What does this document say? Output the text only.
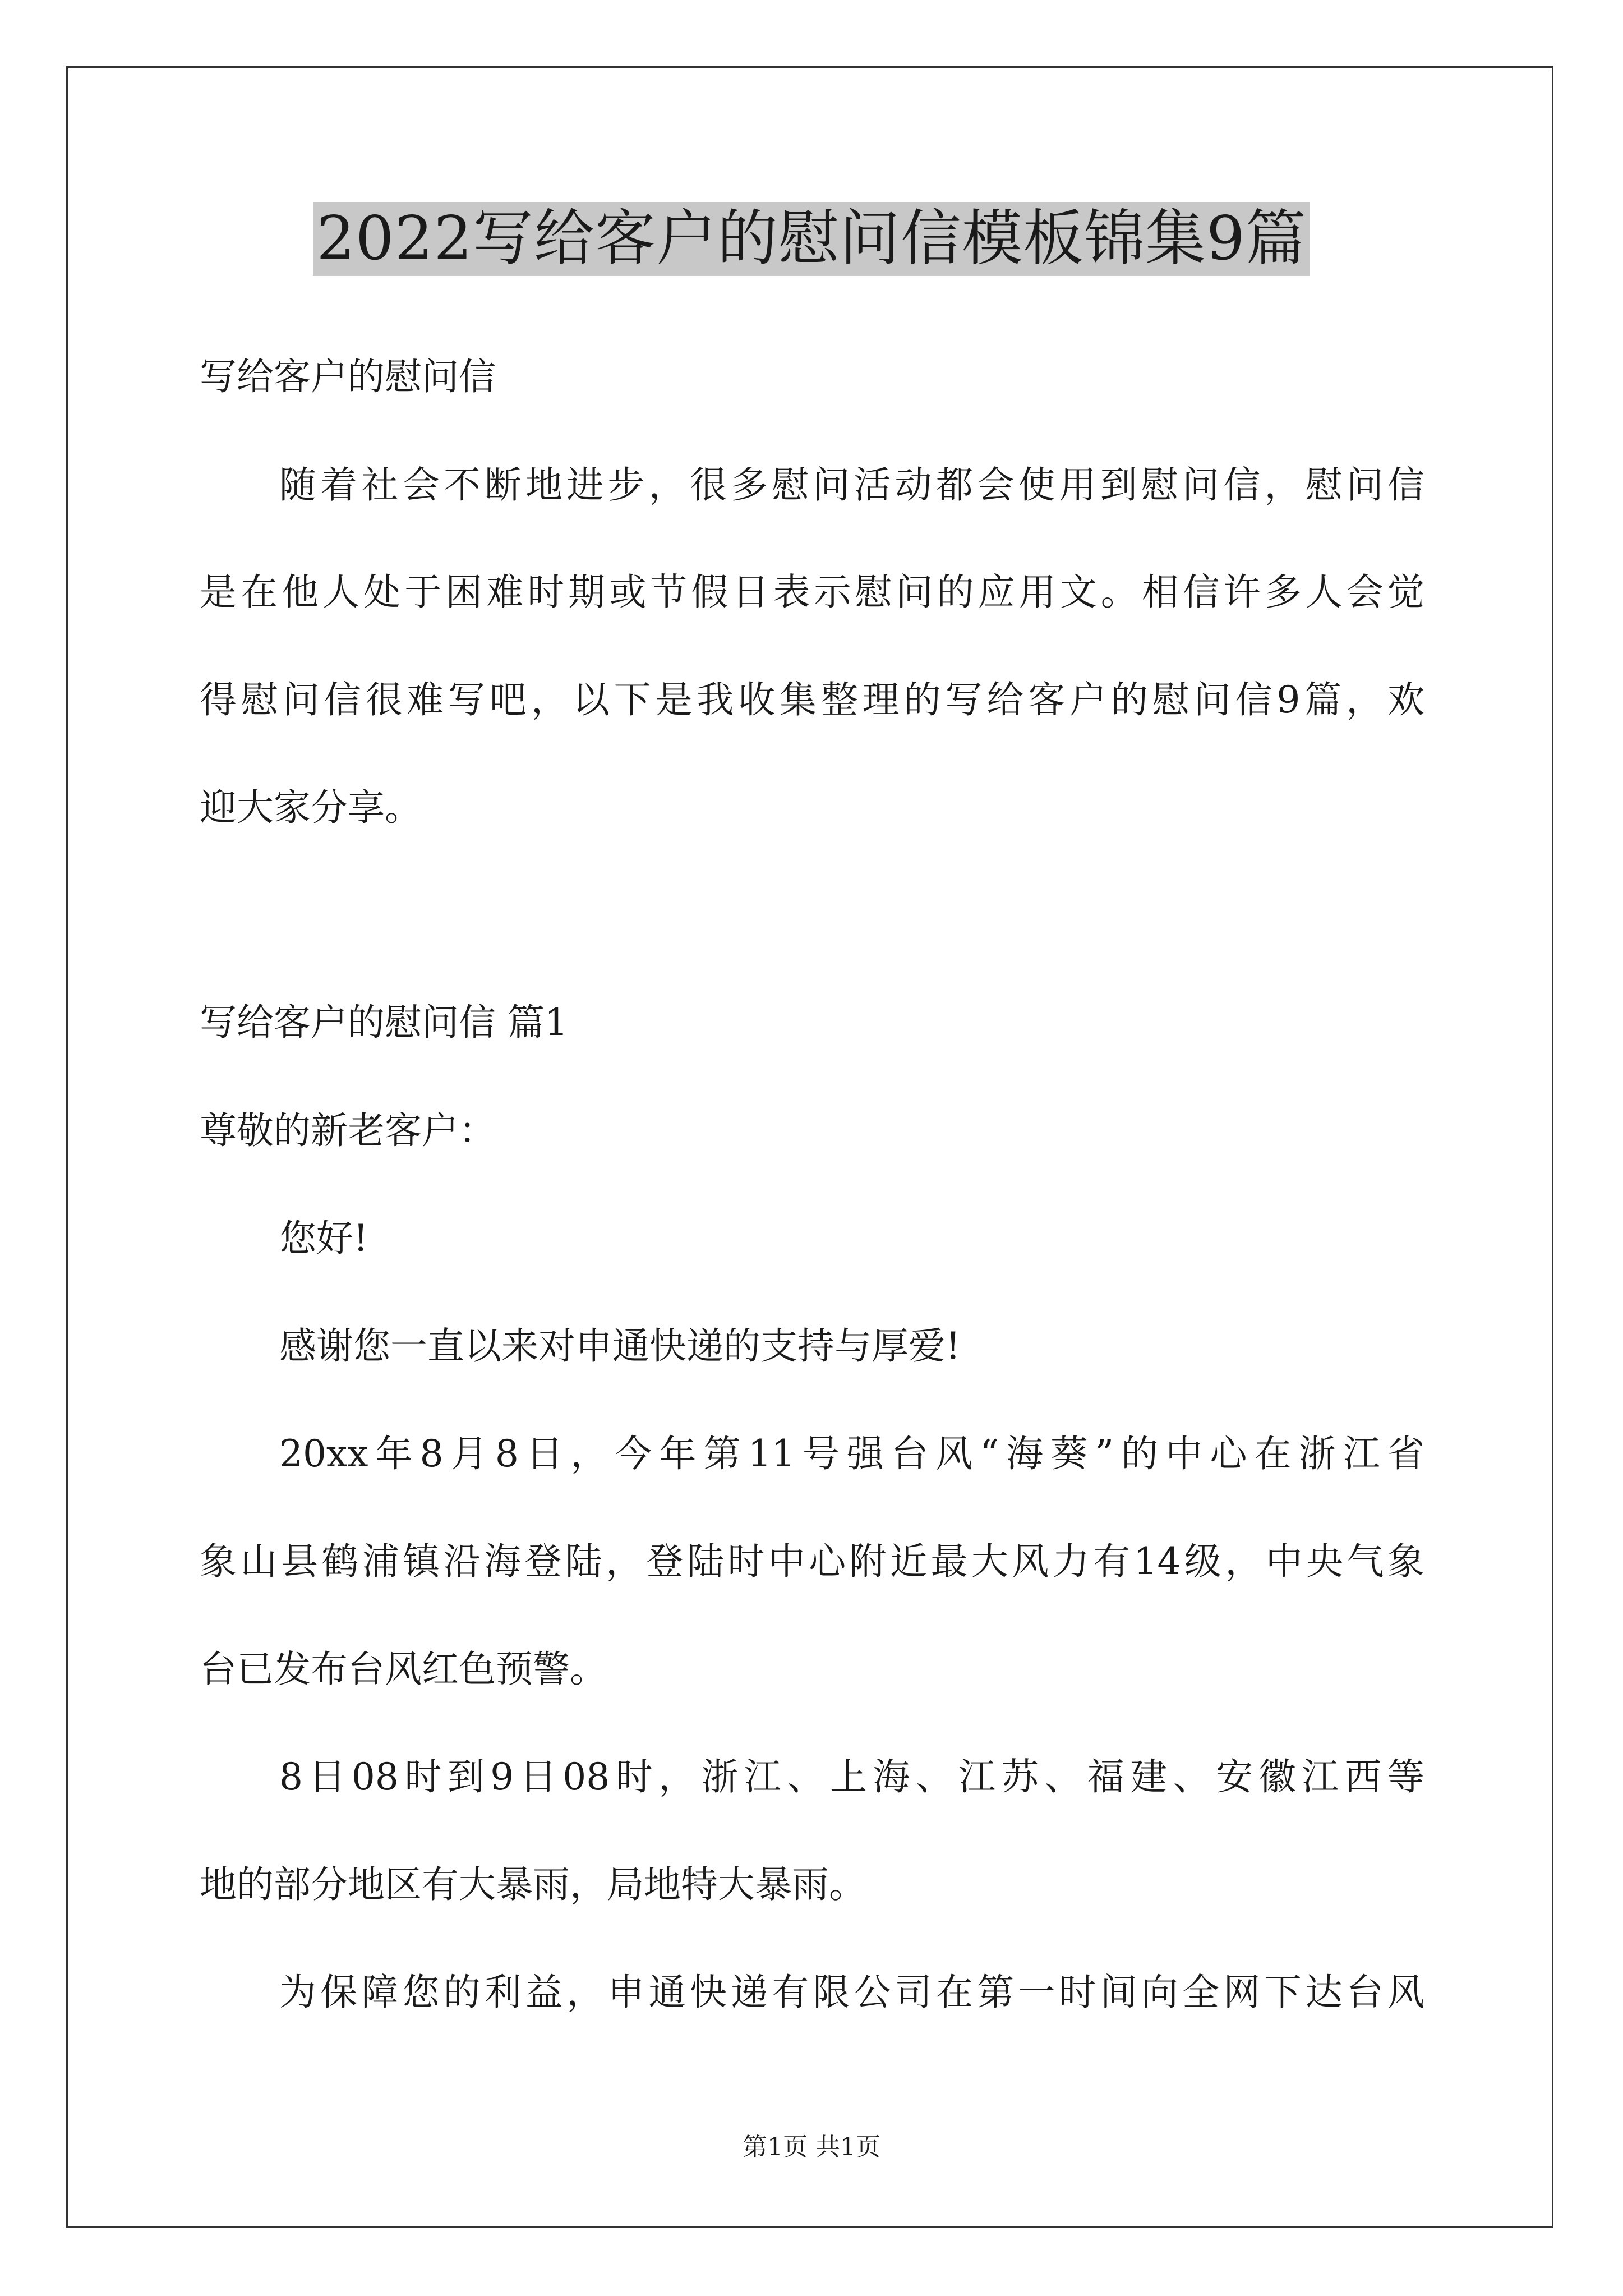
2022写给客户的慰问信模板锦集9篇
写给客户的慰问信
随着社会不断地进步，很多慰问活动都会使用到慰问信，慰问信
是在他人处于困难时期或节假日表示慰问的应用文。相信许多人会觉
得慰问信很难写吧，以下是我收集整理的写给客户的慰问信9篇，欢
迎大家分享。
写给客户的慰问信 篇1
尊敬的新老客户：
您好!
感谢您一直以来对申通快递的支持与厚爱!
20xx年8月8日，今年第11号强台风“海葵”的中心在浙江省
象山县鹤浦镇沿海登陆，登陆时中心附近最大风力有14级，中央气象
台已发布台风红色预警。
8日08时到9日08时，浙江、上海、江苏、福建、安徽江西等
地的部分地区有大暴雨，局地特大暴雨。
为保障您的利益，申通快递有限公司在第一时间向全网下达台风
第1页 共1页
